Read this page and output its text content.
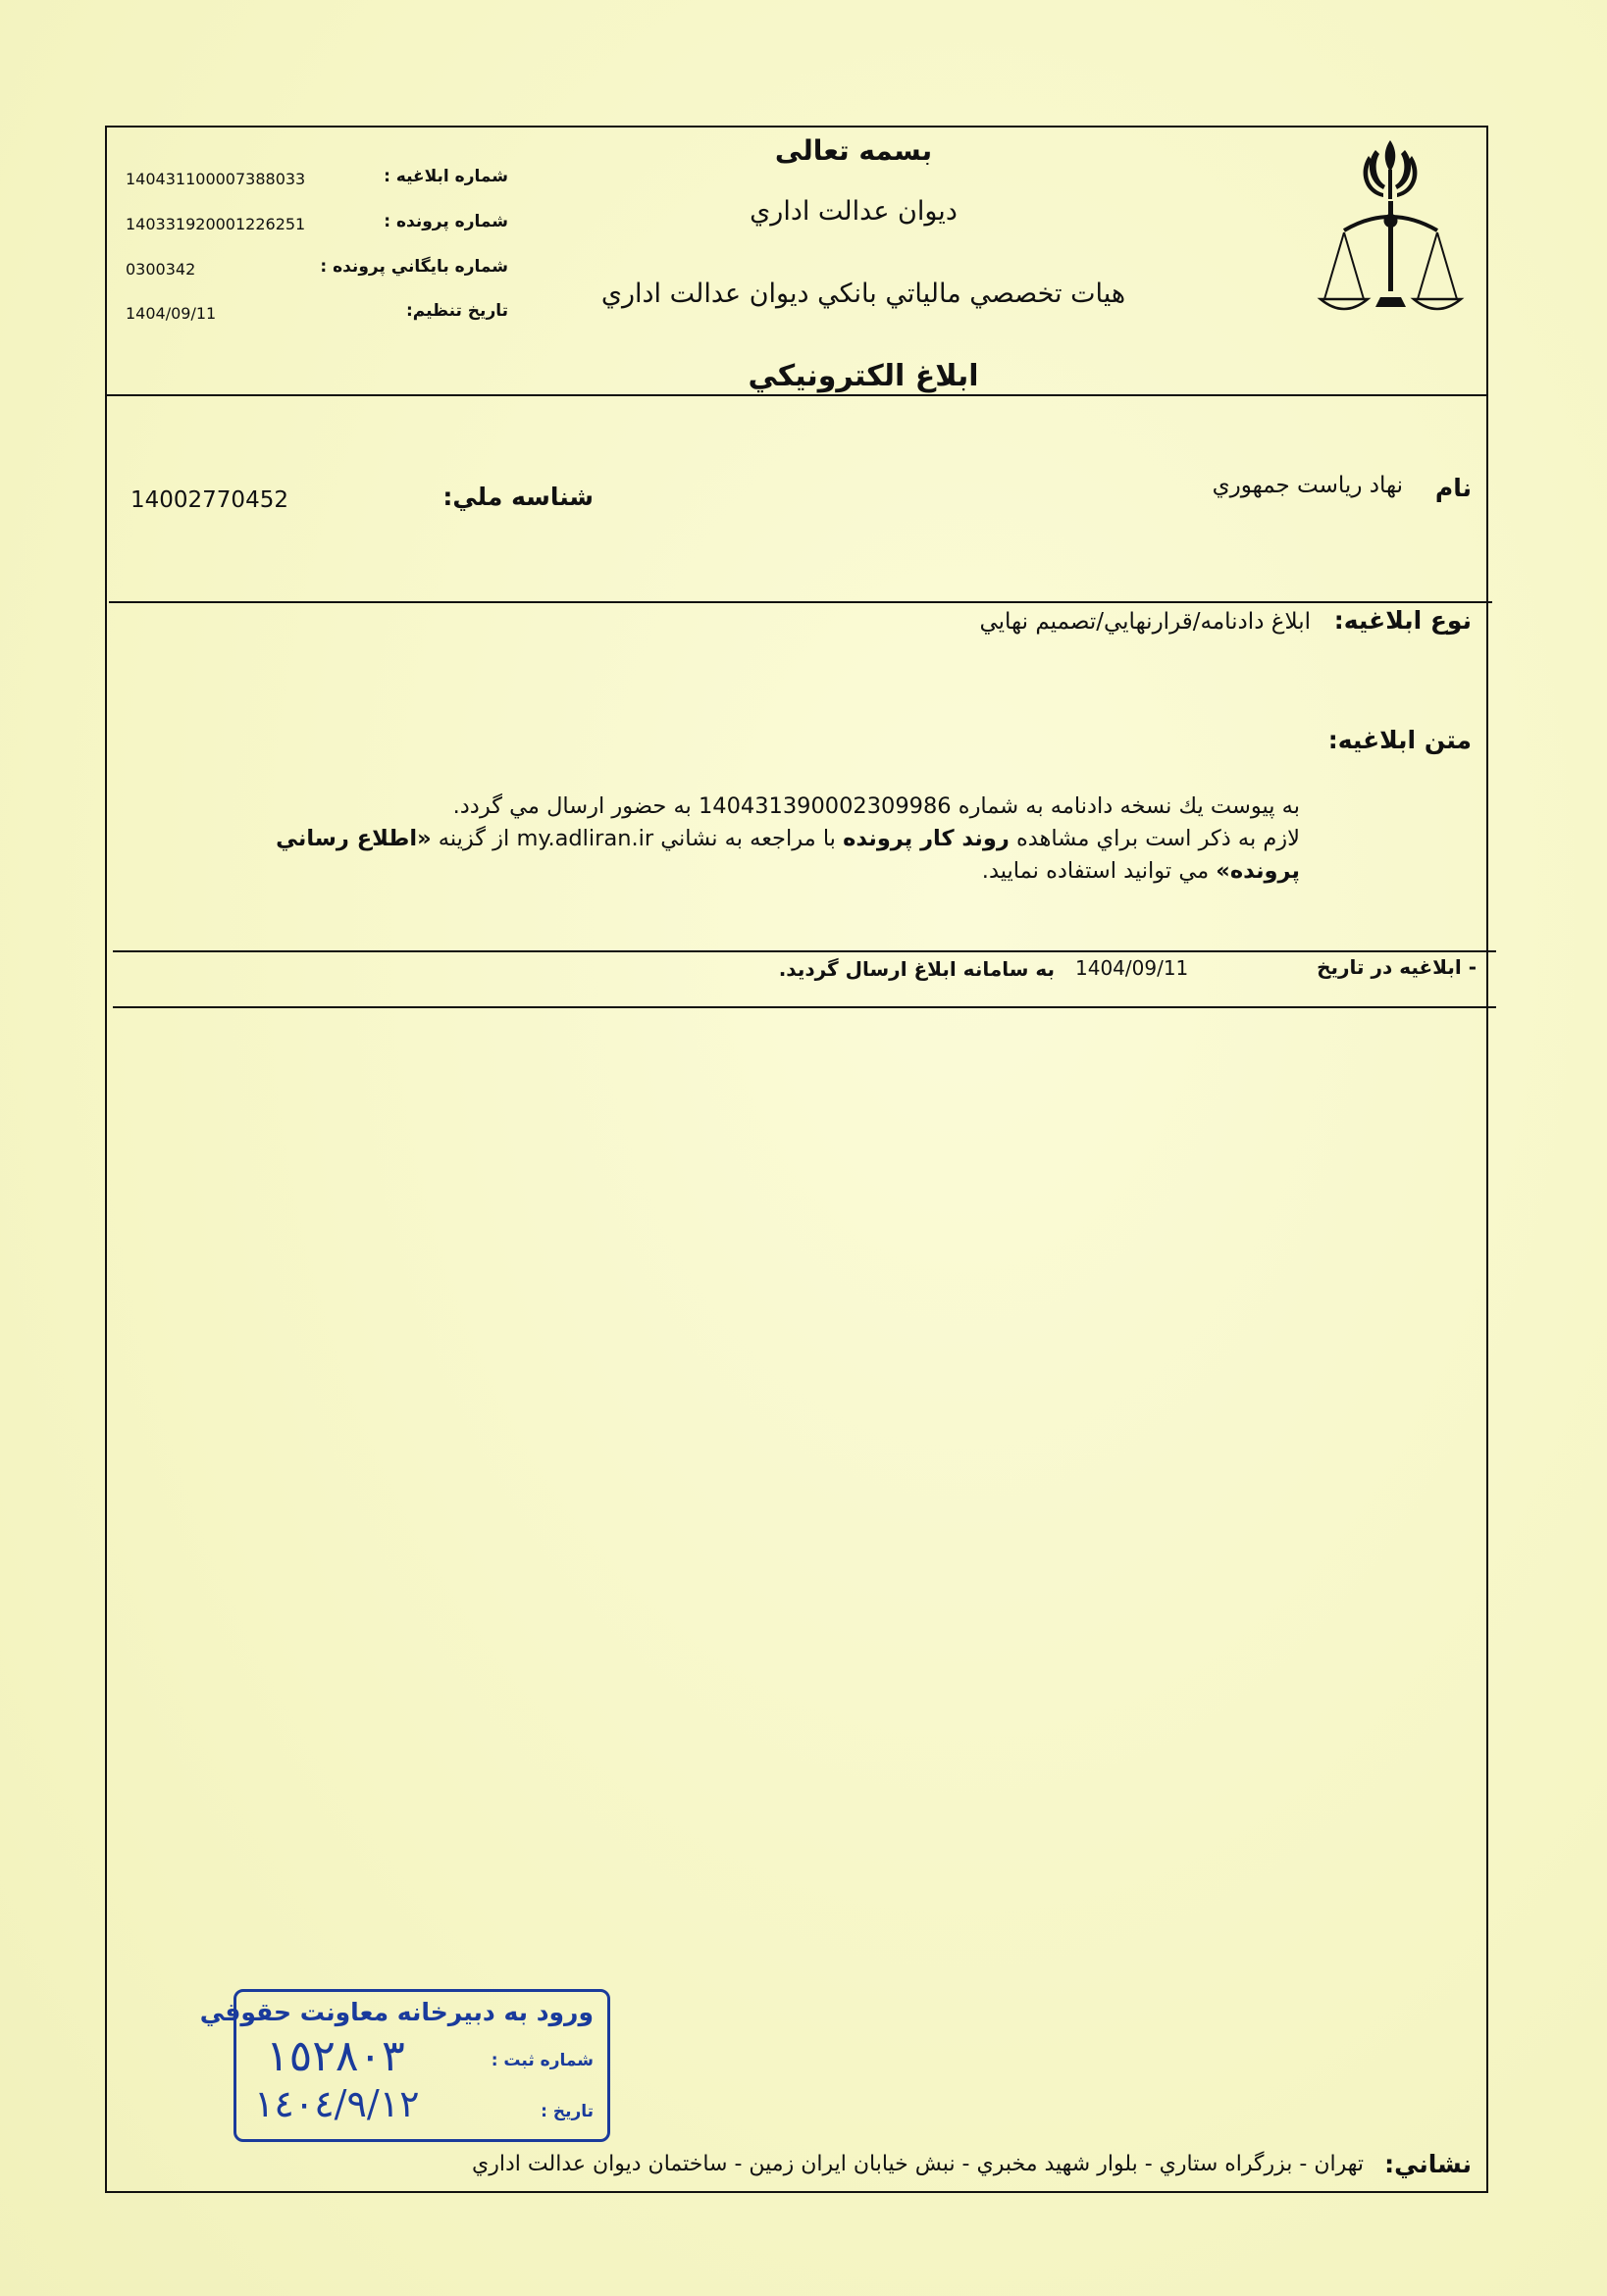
بسمه تعالی
ديوان عدالت اداري
هيات تخصصي مالياتي بانكي ديوان عدالت اداري
ابلاغ الكترونيكي
شماره ابلاغيه :
140431100007388033
شماره پرونده :
140331920001226251
شماره بايگاني پرونده :
0300342
تاريخ تنظيم:
1404/09/11
نام
نهاد رياست جمهوري
شناسه ملي:
14002770452
نوع ابلاغيه:
ابلاغ دادنامه/قرارنهايي/تصميم نهايي
متن ابلاغيه:
به پيوست يك نسخه دادنامه به شماره 140431390002309986 به حضور ارسال مي گردد.
لازم به ذكر است براي مشاهده روند كار پرونده با مراجعه به نشاني my.adliran.ir از گزينه «اطلاع رساني پرونده» مي توانيد استفاده نماييد.
- ابلاغيه در تاريخ
1404/09/11
به سامانه ابلاغ ارسال گرديد.
ورود به دبيرخانه معاونت حقوقي
شماره ثبت :
١٥٢٨٠٣
تاريخ :
١٤٠٤/٩/١٢
نشاني:
تهران - بزرگراه ستاري - بلوار شهيد مخبري - نبش خيابان ايران زمين - ساختمان ديوان عدالت اداري
